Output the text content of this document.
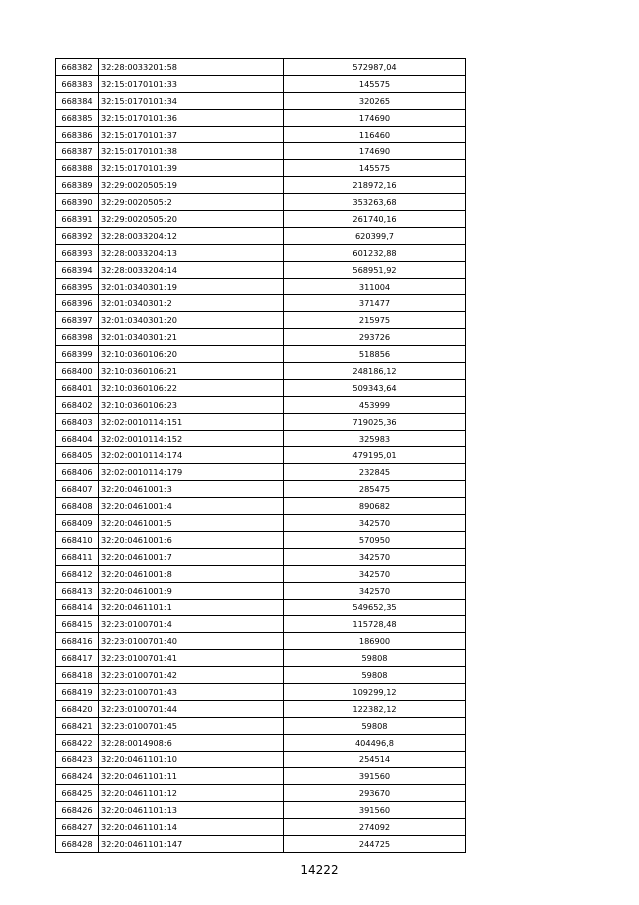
668382	32:28:0033201:58	572987,04
668383	32:15:0170101:33	145575
668384	32:15:0170101:34	320265
668385	32:15:0170101:36	174690
668386	32:15:0170101:37	116460
668387	32:15:0170101:38	174690
668388	32:15:0170101:39	145575
668389	32:29:0020505:19	218972,16
668390	32:29:0020505:2	353263,68
668391	32:29:0020505:20	261740,16
668392	32:28:0033204:12	620399,7
668393	32:28:0033204:13	601232,88
668394	32:28:0033204:14	568951,92
668395	32:01:0340301:19	311004
668396	32:01:0340301:2	371477
668397	32:01:0340301:20	215975
668398	32:01:0340301:21	293726
668399	32:10:0360106:20	518856
668400	32:10:0360106:21	248186,12
668401	32:10:0360106:22	509343,64
668402	32:10:0360106:23	453999
668403	32:02:0010114:151	719025,36
668404	32:02:0010114:152	325983
668405	32:02:0010114:174	479195,01
668406	32:02:0010114:179	232845
668407	32:20:0461001:3	285475
668408	32:20:0461001:4	890682
668409	32:20:0461001:5	342570
668410	32:20:0461001:6	570950
668411	32:20:0461001:7	342570
668412	32:20:0461001:8	342570
668413	32:20:0461001:9	342570
668414	32:20:0461101:1	549652,35
668415	32:23:0100701:4	115728,48
668416	32:23:0100701:40	186900
668417	32:23:0100701:41	59808
668418	32:23:0100701:42	59808
668419	32:23:0100701:43	109299,12
668420	32:23:0100701:44	122382,12
668421	32:23:0100701:45	59808
668422	32:28:0014908:6	404496,8
668423	32:20:0461101:10	254514
668424	32:20:0461101:11	391560
668425	32:20:0461101:12	293670
668426	32:20:0461101:13	391560
668427	32:20:0461101:14	274092
668428	32:20:0461101:147	244725
14222
